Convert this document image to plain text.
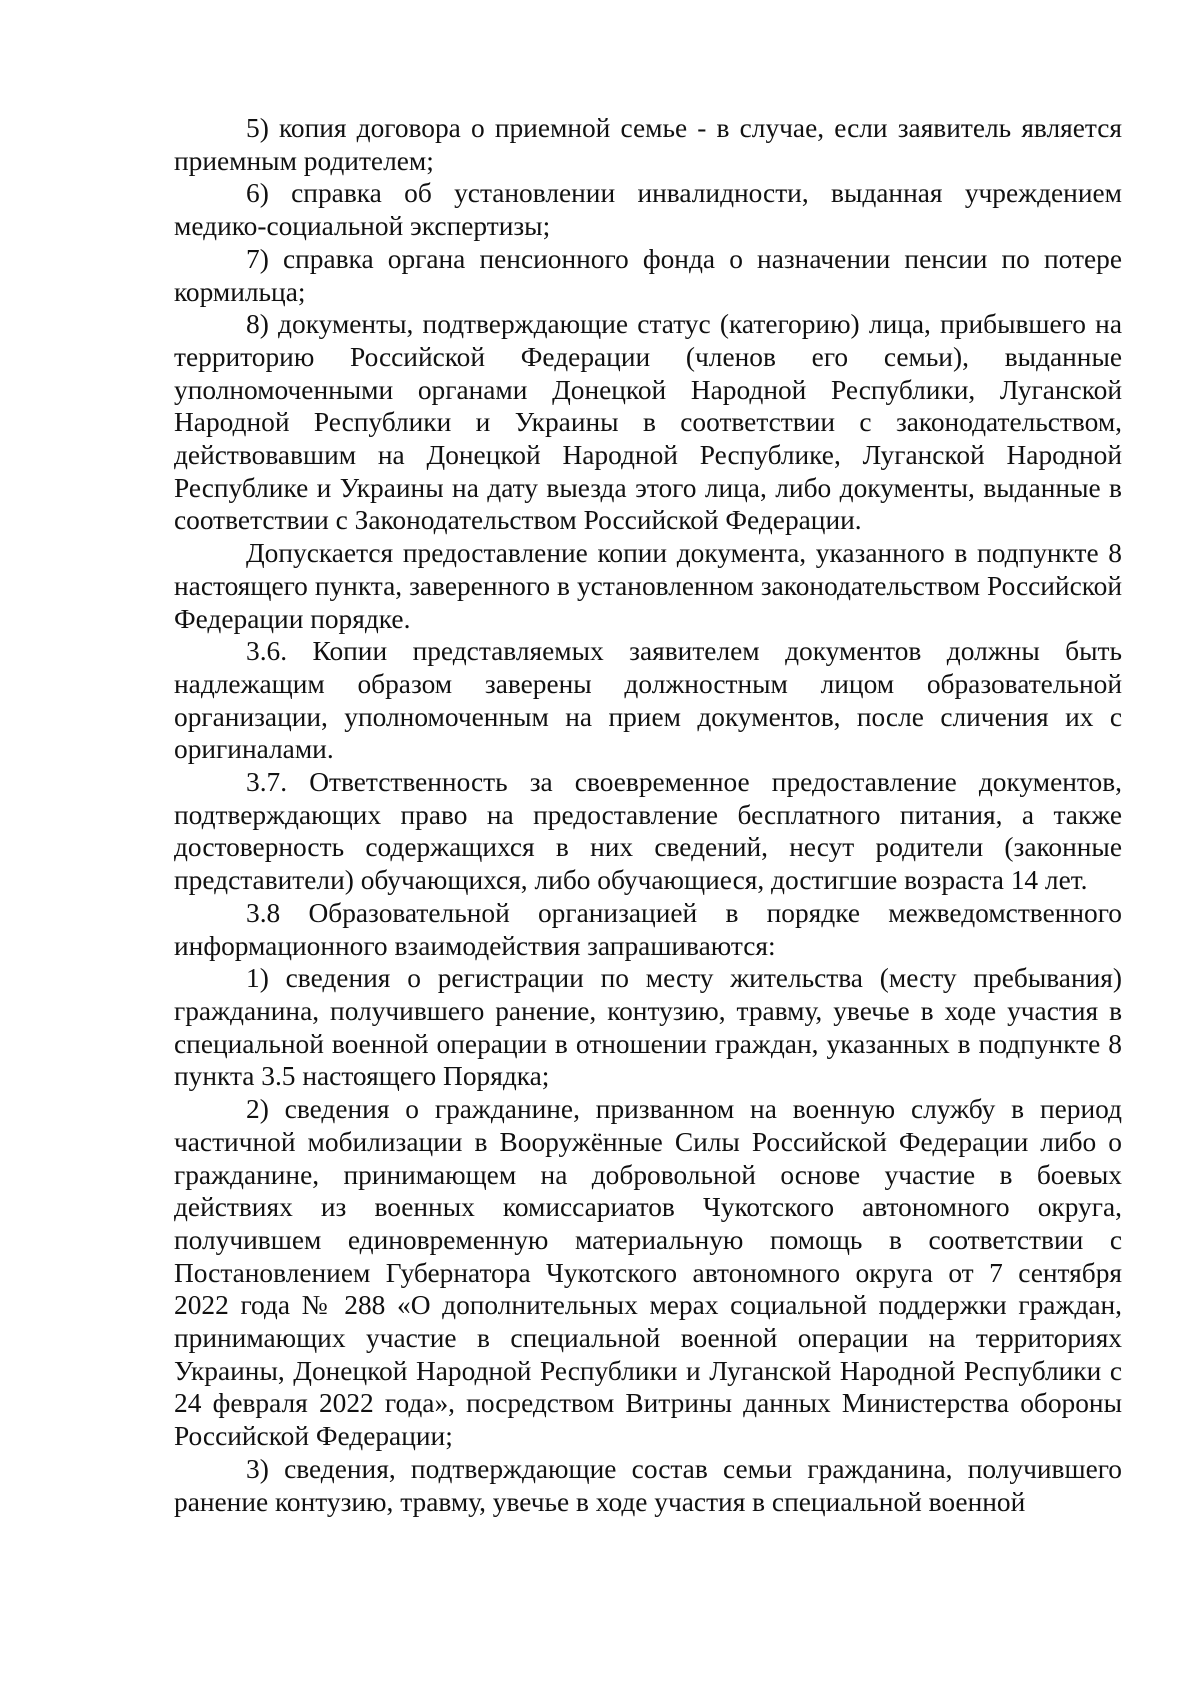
5) копия договора о приемной семье - в случае, если заявитель является приемным родителем;

6) справка об установлении инвалидности, выданная учреждением медико-социальной экспертизы;

7) справка органа пенсионного фонда о назначении пенсии по потере кормильца;

8) документы, подтверждающие статус (категорию) лица, прибывшего на территорию Российской Федерации (членов его семьи), выданные уполномоченными органами Донецкой Народной Республики, Луганской Народной Республики и Украины в соответствии с законодательством, действовавшим на Донецкой Народной Республике, Луганской Народной Республике и Украины на дату выезда этого лица, либо документы, выданные в соответствии с Законодательством Российской Федерации.

Допускается предоставление копии документа, указанного в подпункте 8 настоящего пункта, заверенного в установленном законодательством Российской Федерации порядке.

3.6. Копии представляемых заявителем документов должны быть надлежащим образом заверены должностным лицом образовательной организации, уполномоченным на прием документов, после сличения их с оригиналами.

3.7. Ответственность за своевременное предоставление документов, подтверждающих право на предоставление бесплатного питания, а также достоверность содержащихся в них сведений, несут родители (законные представители) обучающихся, либо обучающиеся, достигшие возраста 14 лет.

3.8 Образовательной организацией в порядке межведомственного информационного взаимодействия запрашиваются:

1) сведения о регистрации по месту жительства (месту пребывания) гражданина, получившего ранение, контузию, травму, увечье в ходе участия в специальной военной операции в отношении граждан, указанных в подпункте 8 пункта 3.5 настоящего Порядка;

2) сведения о гражданине, призванном на военную службу в период частичной мобилизации в Вооружённые Силы Российской Федерации либо о гражданине, принимающем на добровольной основе участие в боевых действиях из военных комиссариатов Чукотского автономного округа, получившем единовременную материальную помощь в соответствии с Постановлением Губернатора Чукотского автономного округа от 7 сентября 2022 года № 288 «О дополнительных мерах социальной поддержки граждан, принимающих участие в специальной военной операции на территориях Украины, Донецкой Народной Республики и Луганской Народной Республики с 24 февраля 2022 года», посредством Витрины данных Министерства обороны Российской Федерации;

3) сведения, подтверждающие состав семьи гражданина, получившего ранение контузию, травму, увечье в ходе участия в специальной военной
